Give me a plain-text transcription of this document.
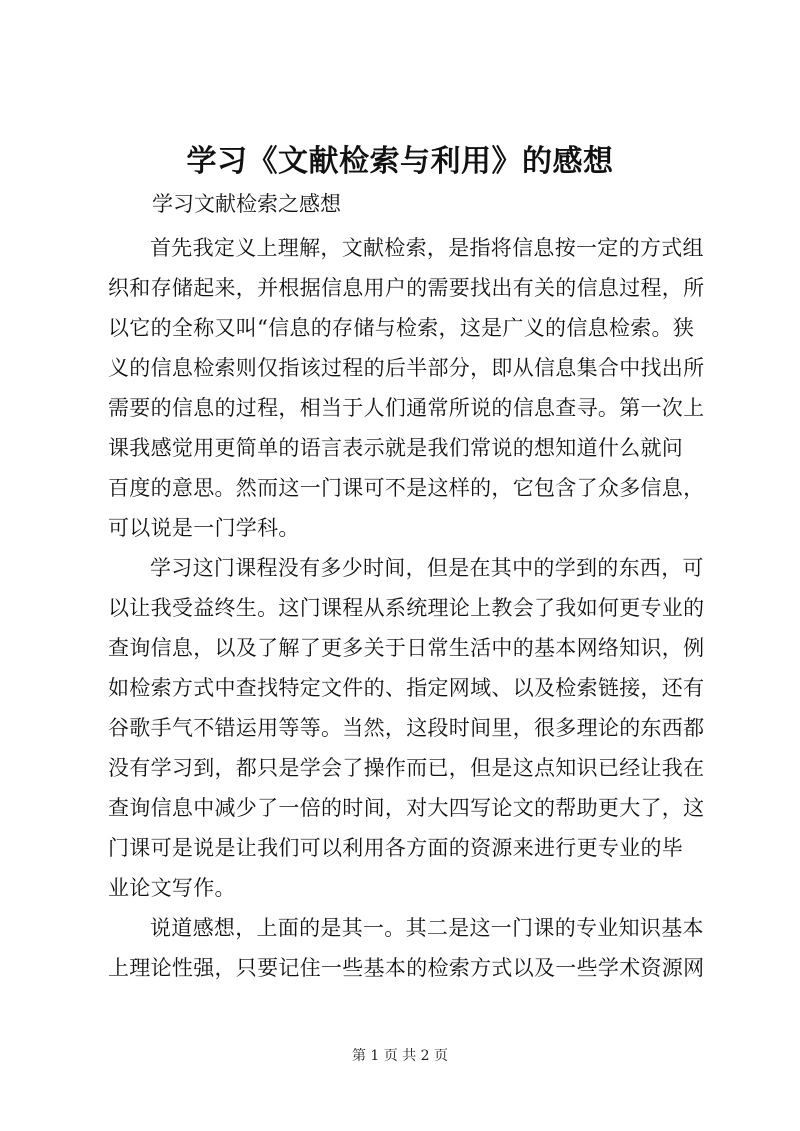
学习《文献检索与利用》的感想
学习文献检索之感想
首先我定义上理解，文献检索，是指将信息按一定的方式组
织和存储起来，并根据信息用户的需要找出有关的信息过程，所
以它的全称又叫“信息的存储与检索，这是广义的信息检索。狭
义的信息检索则仅指该过程的后半部分，即从信息集合中找出所
需要的信息的过程，相当于人们通常所说的信息查寻。第一次上
课我感觉用更简单的语言表示就是我们常说的想知道什么就问
百度的意思。然而这一门课可不是这样的，它包含了众多信息，
可以说是一门学科。
学习这门课程没有多少时间，但是在其中的学到的东西，可
以让我受益终生。这门课程从系统理论上教会了我如何更专业的
查询信息，以及了解了更多关于日常生活中的基本网络知识，例
如检索方式中查找特定文件的、指定网域、以及检索链接，还有
谷歌手气不错运用等等。当然，这段时间里，很多理论的东西都
没有学习到，都只是学会了操作而已，但是这点知识已经让我在
查询信息中减少了一倍的时间，对大四写论文的帮助更大了，这
门课可是说是让我们可以利用各方面的资源来进行更专业的毕
业论文写作。
说道感想，上面的是其一。其二是这一门课的专业知识基本
上理论性强，只要记住一些基本的检索方式以及一些学术资源网
第 1 页 共 2 页
